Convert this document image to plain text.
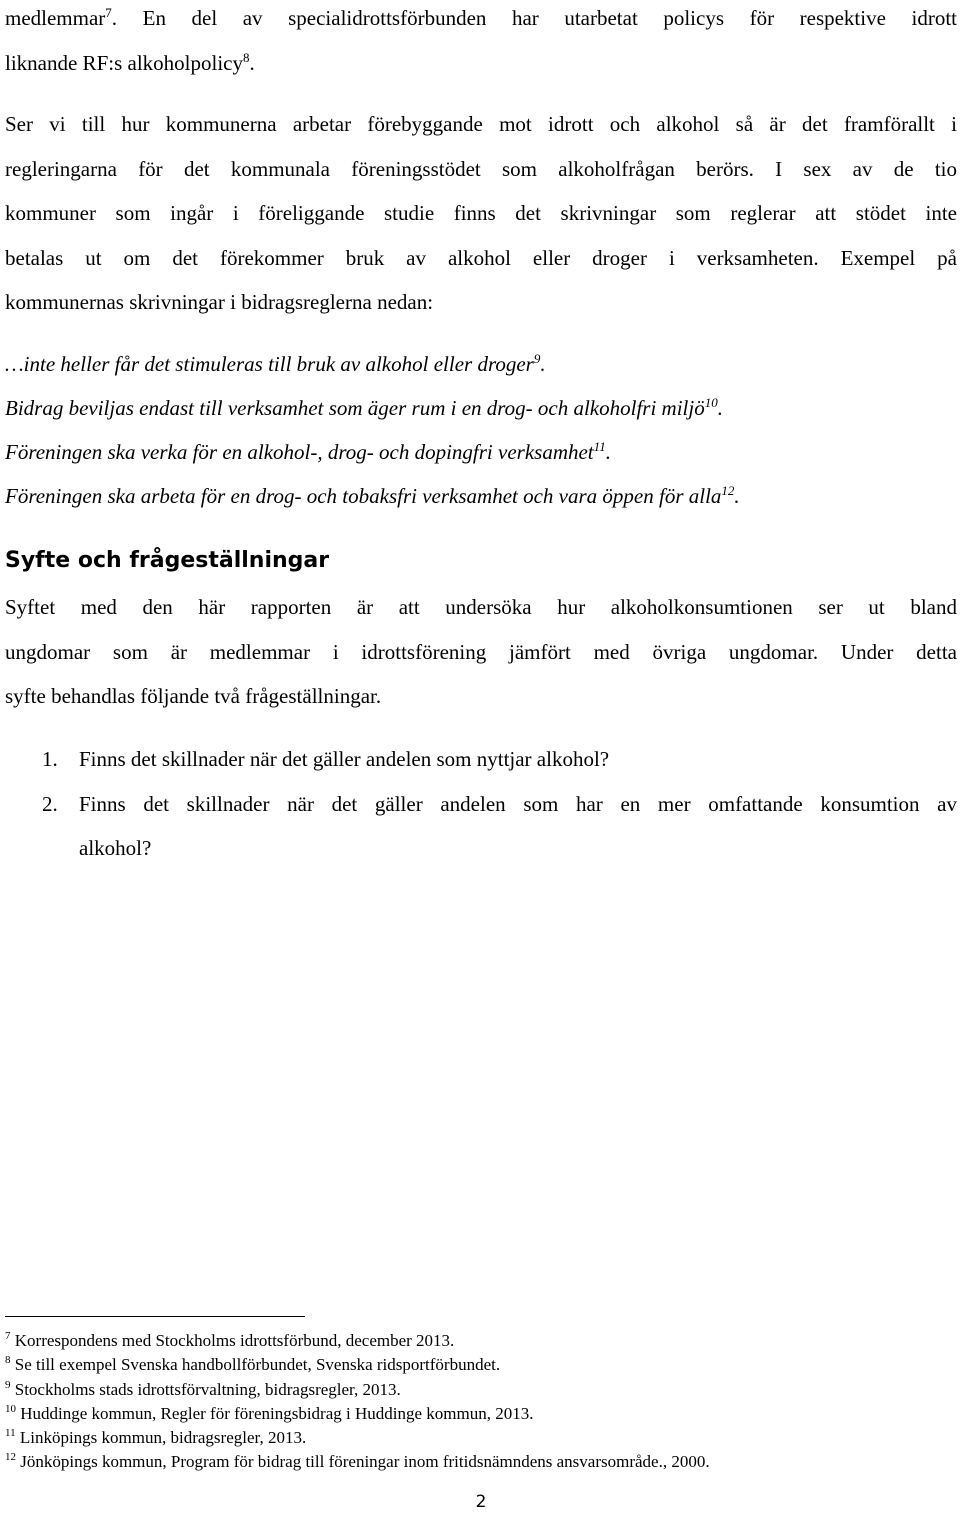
medlemmar$^7$. En del av specialidrottsförbunden har utarbetat policys för respektive idrott
liknande RF:s alkoholpolicy$^8$.
Ser vi till hur kommunerna arbetar förebyggande mot idrott och alkohol så är det framförallt i
regleringarna för det kommunala föreningsstödet som alkoholfrågan berörs. I sex av de tio
kommuner som ingår i föreliggande studie finns det skrivningar som reglerar att stödet inte
betalas ut om det förekommer bruk av alkohol eller droger i verksamheten. Exempel på
kommunernas skrivningar i bidragsreglerna nedan:
…inte heller får det stimuleras till bruk av alkohol eller droger$^9$.
Bidrag beviljas endast till verksamhet som äger rum i en drog- och alkoholfri miljö$^{10}$.
Föreningen ska verka för en alkohol-, drog- och dopingfri verksamhet$^{11}$.
Föreningen ska arbeta för en drog- och tobaksfri verksamhet och vara öppen för alla$^{12}$.
Syfte och frågeställningar
Syftet med den här rapporten är att undersöka hur alkoholkonsumtionen ser ut bland
ungdomar som är medlemmar i idrottsförening jämfört med övriga ungdomar. Under detta
syfte behandlas följande två frågeställningar.
1. Finns det skillnader när det gäller andelen som nyttjar alkohol?
2. Finns det skillnader när det gäller andelen som har en mer omfattande konsumtion av
alkohol?
$^7$ Korrespondens med Stockholms idrottsförbund, december 2013.
$^8$ Se till exempel Svenska handbollförbundet, Svenska ridsportförbundet.
$^9$ Stockholms stads idrottsförvaltning, bidragsregler, 2013.
$^{10}$ Huddinge kommun, Regler för föreningsbidrag i Huddinge kommun, 2013.
$^{11}$ Linköpings kommun, bidragsregler, 2013.
$^{12}$ Jönköpings kommun, Program för bidrag till föreningar inom fritidsnämndens ansvarsområde., 2000.
2
